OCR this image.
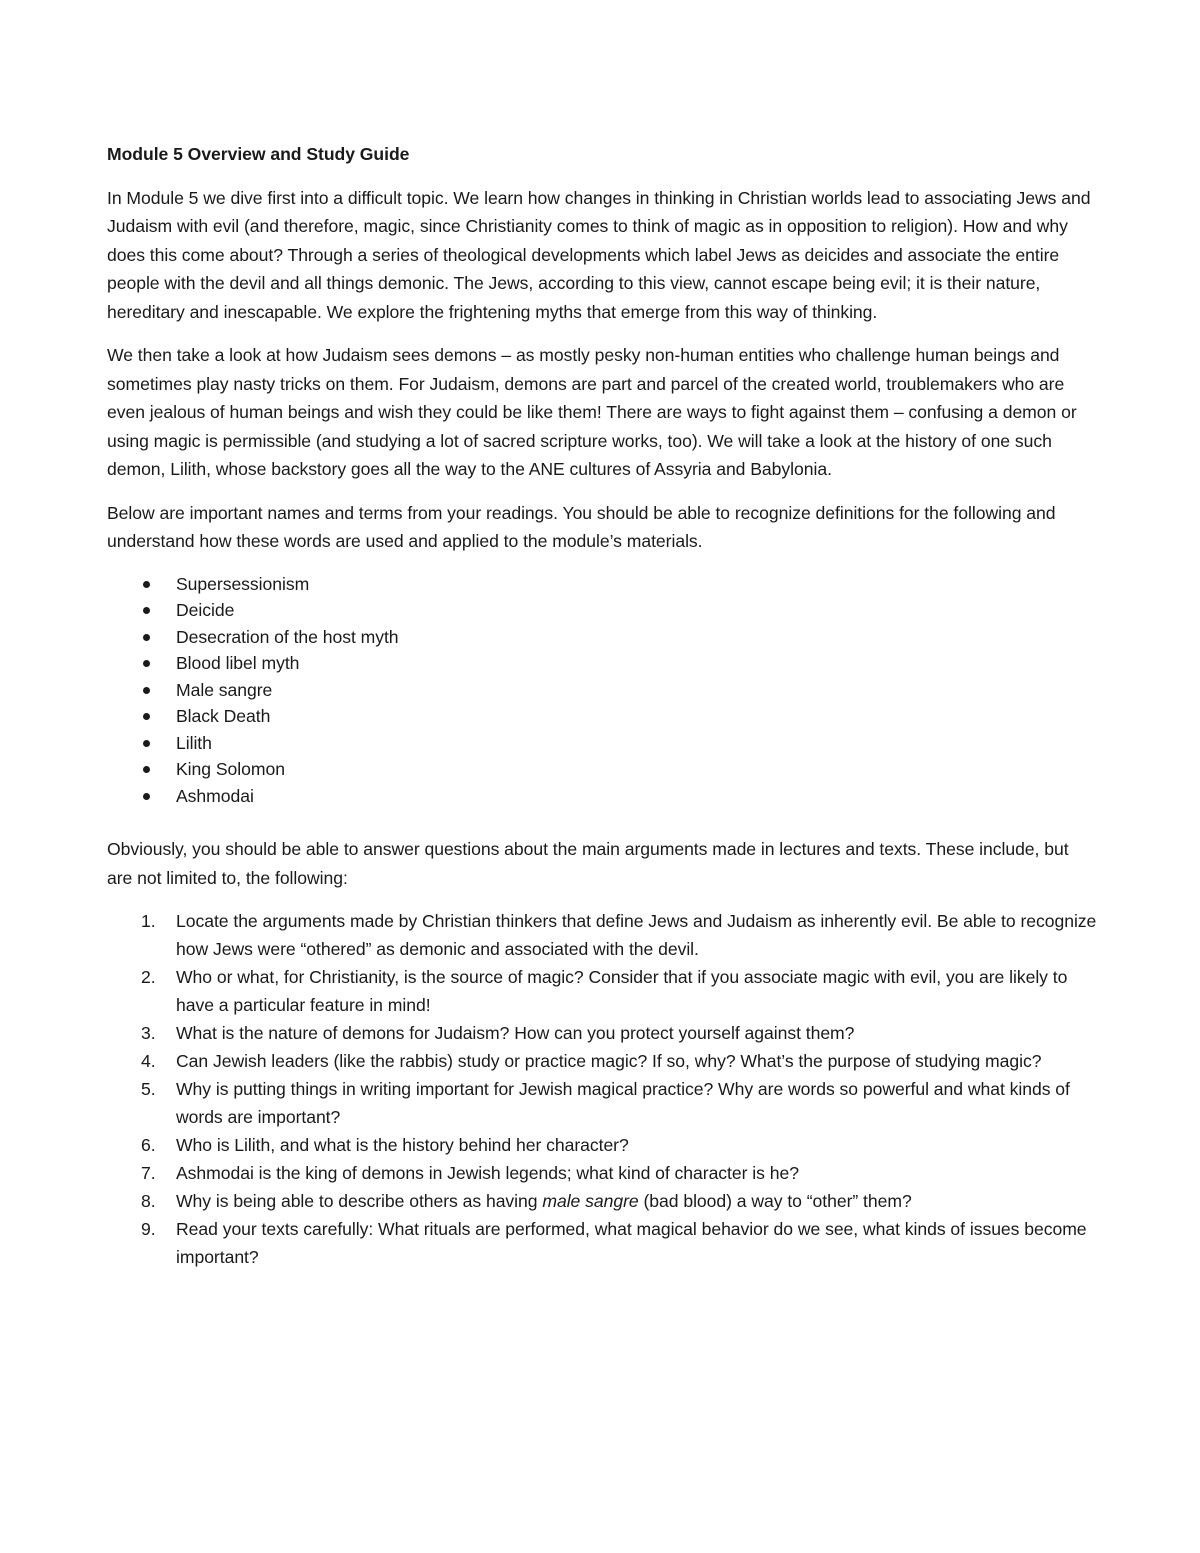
Module 5 Overview and Study Guide

In Module 5 we dive first into a difficult topic. We learn how changes in thinking in Christian worlds lead to associating Jews and Judaism with evil (and therefore, magic, since Christianity comes to think of magic as in opposition to religion). How and why does this come about? Through a series of theological developments which label Jews as deicides and associate the entire people with the devil and all things demonic. The Jews, according to this view, cannot escape being evil; it is their nature, hereditary and inescapable. We explore the frightening myths that emerge from this way of thinking.

We then take a look at how Judaism sees demons – as mostly pesky non-human entities who challenge human beings and sometimes play nasty tricks on them. For Judaism, demons are part and parcel of the created world, troublemakers who are even jealous of human beings and wish they could be like them! There are ways to fight against them – confusing a demon or using magic is permissible (and studying a lot of sacred scripture works, too). We will take a look at the history of one such demon, Lilith, whose backstory goes all the way to the ANE cultures of Assyria and Babylonia.

Below are important names and terms from your readings. You should be able to recognize definitions for the following and understand how these words are used and applied to the module’s materials.

Supersessionism
Deicide
Desecration of the host myth
Blood libel myth
Male sangre
Black Death
Lilith
King Solomon
Ashmodai

Obviously, you should be able to answer questions about the main arguments made in lectures and texts. These include, but are not limited to, the following:

1. Locate the arguments made by Christian thinkers that define Jews and Judaism as inherently evil. Be able to recognize how Jews were “othered” as demonic and associated with the devil.
2. Who or what, for Christianity, is the source of magic? Consider that if you associate magic with evil, you are likely to have a particular feature in mind!
3. What is the nature of demons for Judaism? How can you protect yourself against them?
4. Can Jewish leaders (like the rabbis) study or practice magic? If so, why? What’s the purpose of studying magic?
5. Why is putting things in writing important for Jewish magical practice? Why are words so powerful and what kinds of words are important?
6. Who is Lilith, and what is the history behind her character?
7. Ashmodai is the king of demons in Jewish legends; what kind of character is he?
8. Why is being able to describe others as having male sangre (bad blood) a way to “other” them?
9. Read your texts carefully: What rituals are performed, what magical behavior do we see, what kinds of issues become important?
